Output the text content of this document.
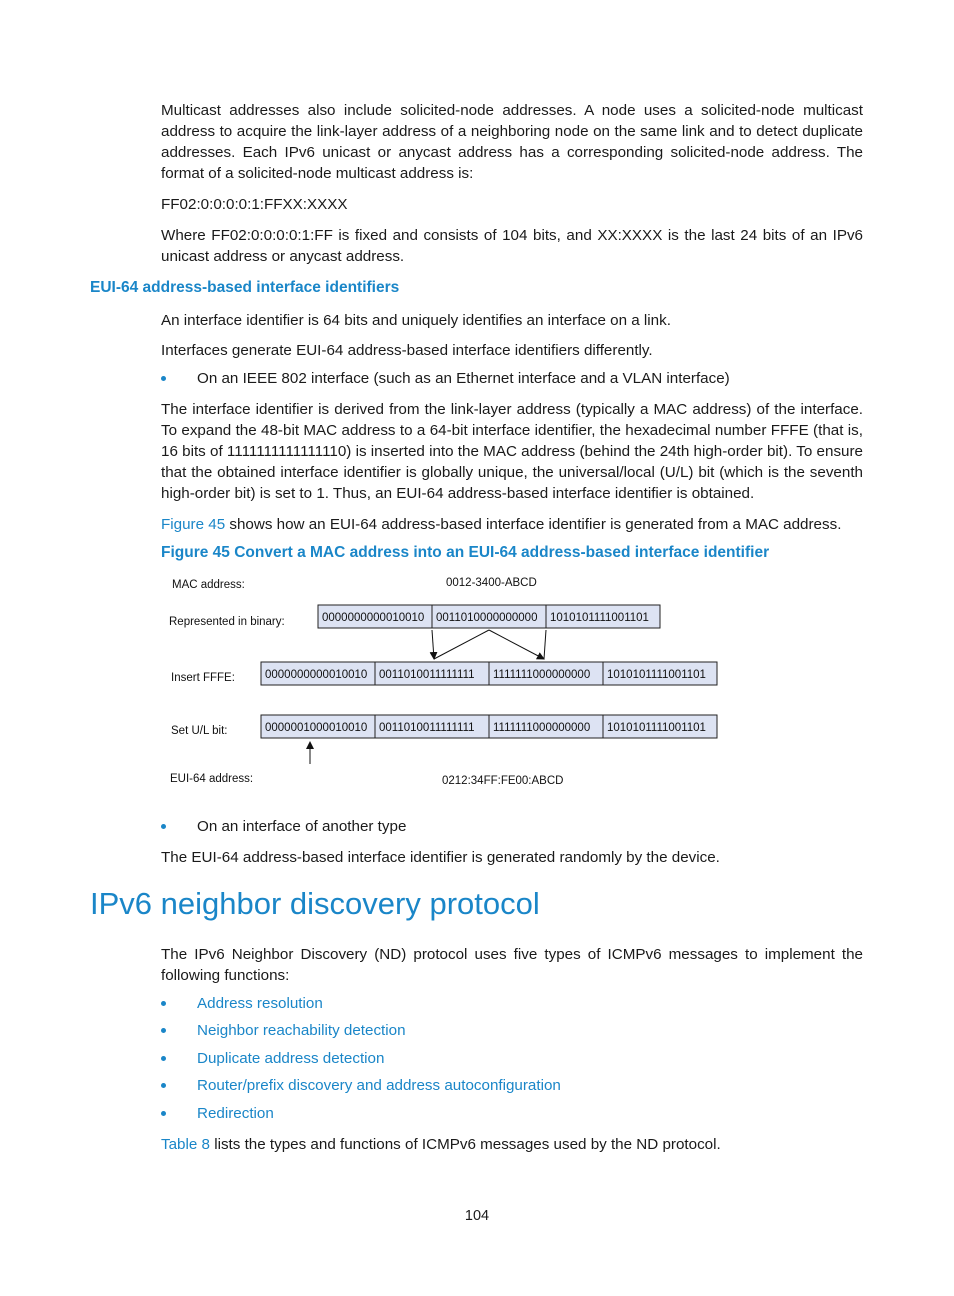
Multicast addresses also include solicited-node addresses. A node uses a solicited-node multicast address to acquire the link-layer address of a neighboring node on the same link and to detect duplicate addresses. Each IPv6 unicast or anycast address has a corresponding solicited-node address. The format of a solicited-node multicast address is:

FF02:0:0:0:0:1:FFXX:XXXX

Where FF02:0:0:0:0:1:FF is fixed and consists of 104 bits, and XX:XXXX is the last 24 bits of an IPv6 unicast address or anycast address.

EUI-64 address-based interface identifiers

An interface identifier is 64 bits and uniquely identifies an interface on a link.

Interfaces generate EUI-64 address-based interface identifiers differently.

On an IEEE 802 interface (such as an Ethernet interface and a VLAN interface)

The interface identifier is derived from the link-layer address (typically a MAC address) of the interface. To expand the 48-bit MAC address to a 64-bit interface identifier, the hexadecimal number FFFE (that is, 16 bits of 1111111111111110) is inserted into the MAC address (behind the 24th high-order bit). To ensure that the obtained interface identifier is globally unique, the universal/local (U/L) bit (which is the seventh high-order bit) is set to 1. Thus, an EUI-64 address-based interface identifier is obtained.

Figure 45 shows how an EUI-64 address-based interface identifier is generated from a MAC address.

Figure 45 Convert a MAC address into an EUI-64 address-based interface identifier

MAC address:	0012-3400-ABCD
Represented in binary:	0000000000010010 0011010000000000 1010101111001101
Insert FFFE:	0000000000010010 0011010011111111 1111111000000000 1010101111001101
Set U/L bit:	0000001000010010 0011010011111111 1111111000000000 1010101111001101
EUI-64 address:	0212:34FF:FE00:ABCD
On an interface of another type

The EUI-64 address-based interface identifier is generated randomly by the device.

IPv6 neighbor discovery protocol

The IPv6 Neighbor Discovery (ND) protocol uses five types of ICMPv6 messages to implement the following functions:

Address resolution
Neighbor reachability detection
Duplicate address detection
Router/prefix discovery and address autoconfiguration
Redirection

Table 8 lists the types and functions of ICMPv6 messages used by the ND protocol.

104
